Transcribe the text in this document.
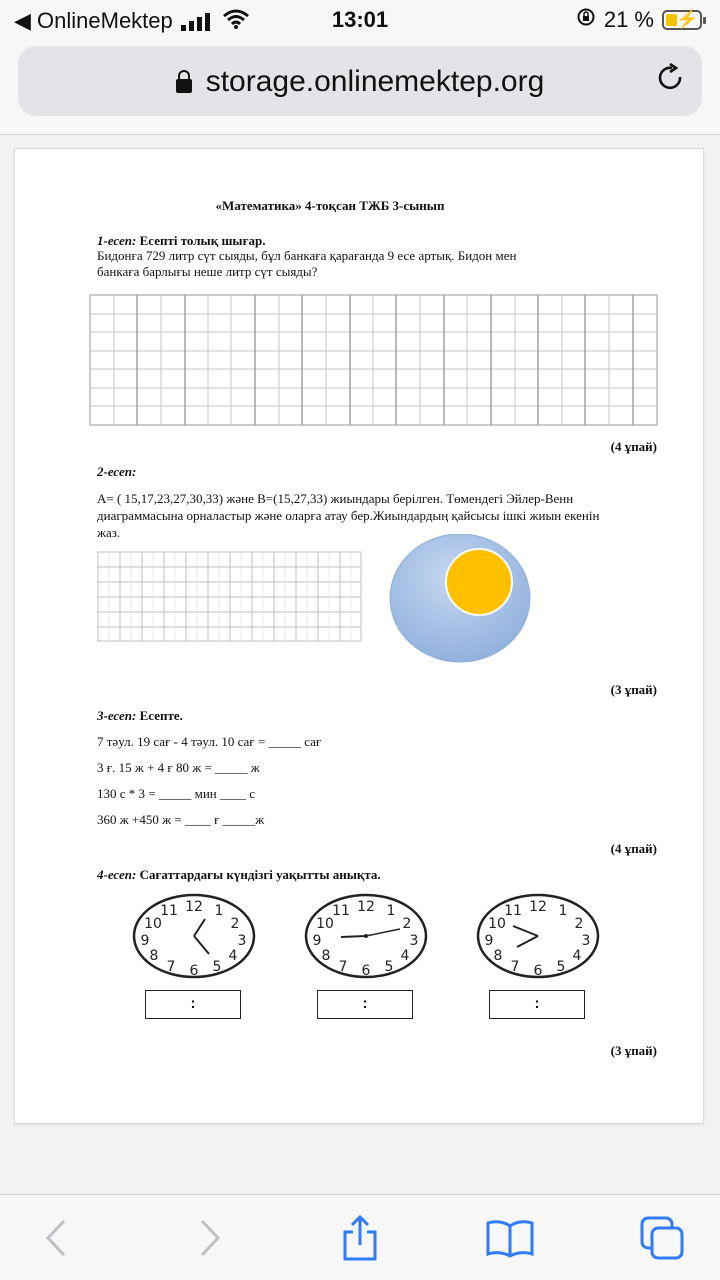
◀ OnlineMektep
	13:01	21 % ⚡
storage.onlinemektep.org
«Математика» 4-тоқсан ТЖБ 3-сынып
1-есеп: Есепті толық шығар.
Бидонға 729 литр сүт сыяды, бұл банкаға қарағанда 9 есе артық. Бидон мен
банкаға барлығы неше литр сүт сыяды?
(4 ұпай)
2-есеп:
А= ( 15,17,23,27,30,33) және В=(15,27,33) жиындары берілген. Төмендегі Эйлер-Венн
диаграммасына орналастыр және оларға атау бер.Жиындардың қайсысы ішкі жиын екенін
жаз.
(3 ұпай)
3-есеп: Есепте.
7 тәул. 19 сағ - 4 тәул. 10 сағ = _____ сағ
3 ғ. 15 ж + 4 ғ 80 ж = _____ ж
130 с * 3 = _____ мин ____ с
360 ж +450 ж = ____ ғ _____ж
(4 ұпай)
4-есеп: Сағаттардағы күндізгі уақытты анықта.
12 1
2
3
4
5
6
7
8
9
10
11
:
12 1
2
3
4
5
6
7
8
9
10
11
:
12 1
2
3
4
5
6
7
8
9
10
11
:
(3 ұпай)
